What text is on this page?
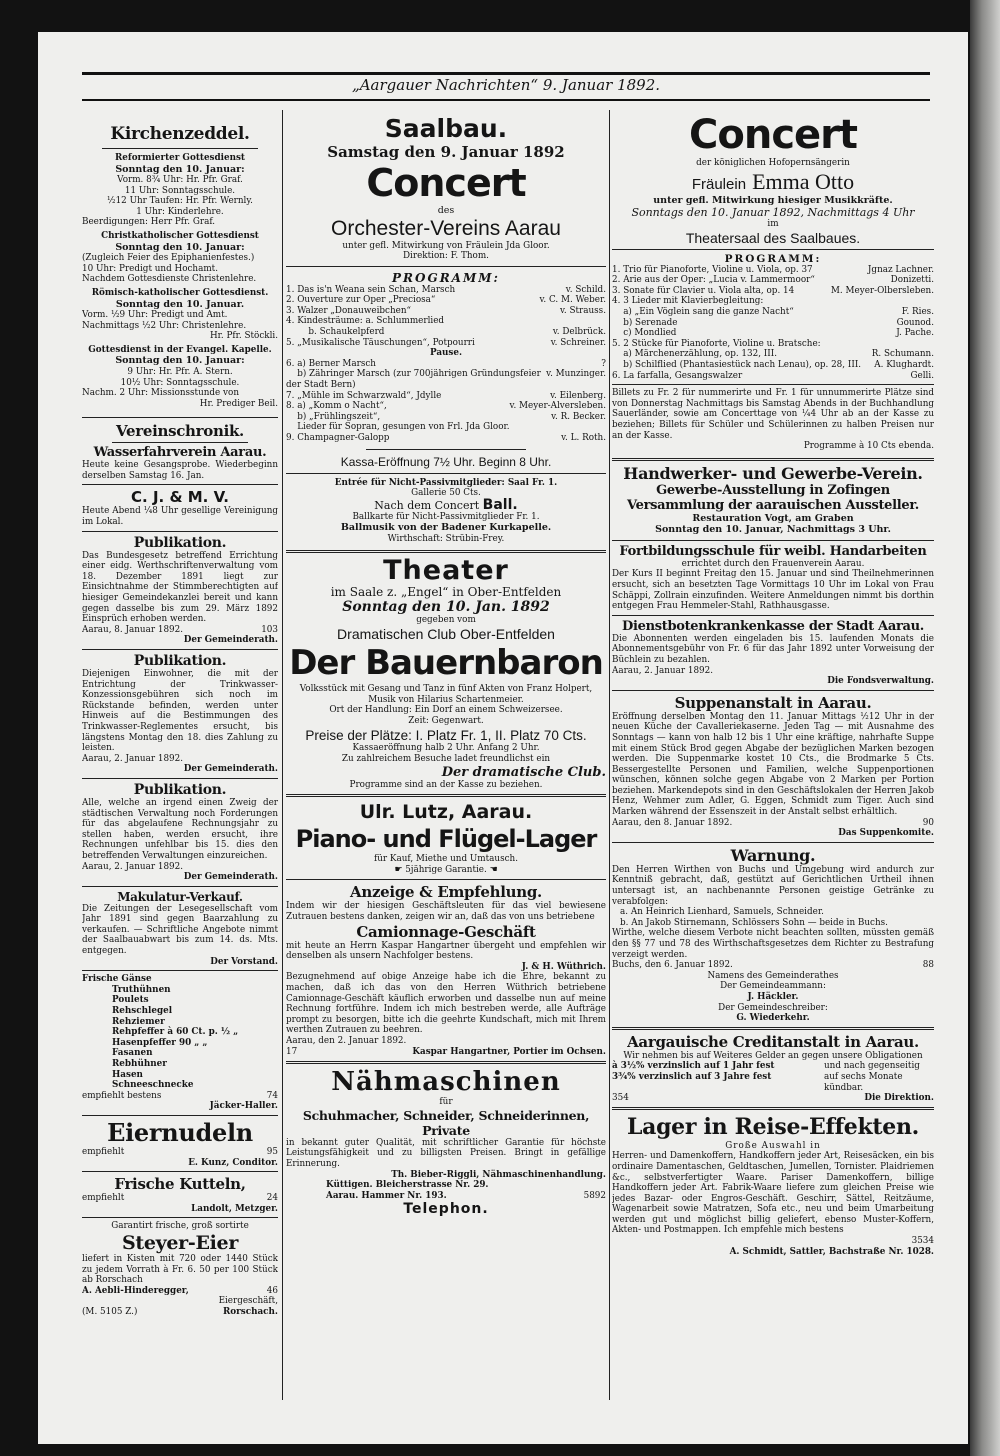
„Aargauer Nachrichten“ 9. Januar 1892.
Kirchenzeddel.
Reformierter Gottesdienst
Sonntag den 10. Januar:
Vorm. 8¾ Uhr: Hr. Pfr. Graf.
11 Uhr: Sonntagsschule.
½12 Uhr Taufen: Hr. Pfr. Wernly.
1 Uhr: Kinderlehre.
Beerdigungen: Herr Pfr. Graf.
Christkatholischer Gottesdienst
Sonntag den 10. Januar:
(Zugleich Feier des Epiphanienfestes.)
10 Uhr: Predigt und Hochamt.
Nachdem Gottesdienste Christenlehre.
Römisch-katholischer Gottesdienst.
Sonntag den 10. Januar.
Vorm. ½9 Uhr: Predigt und Amt.
Nachmittags ½2 Uhr: Christenlehre.
Hr. Pfr. Stöckli.
Gottesdienst in der Evangel. Kapelle.
Sonntag den 10. Januar:
9 Uhr: Hr. Pfr. A. Stern.
10½ Uhr: Sonntagsschule.
Nachm. 2 Uhr: Missionsstunde von
Hr. Prediger Beil.
Vereinschronik.
Wasserfahrverein Aarau.
Heute keine Gesangsprobe. Wiederbeginn derselben Samstag 16. Jan.
C. J. & M. V.
Heute Abend ¼8 Uhr gesellige Vereinigung im Lokal.
Publikation.
Das Bundesgesetz betreffend Errichtung einer eidg. Werthschriftenverwaltung vom 18. Dezember 1891 liegt zur Einsichtnahme der Stimmberechtigten auf hiesiger Gemeindekanzlei bereit und kann gegen dasselbe bis zum 29. März 1892 Einsprüch erhoben werden.
Aarau, 8. Januar 1892.	103
Der Gemeinderath.
Publikation.
Diejenigen Einwohner, die mit der Entrichtung der Trinkwasser-Konzessionsgebühren sich noch im Rückstande befinden, werden unter Hinweis auf die Bestimmungen des Trinkwasser-Reglementes ersucht, bis längstens Montag den 18. dies Zahlung zu leisten.
Aarau, 2. Januar 1892.
Der Gemeinderath.
Publikation.
Alle, welche an irgend einen Zweig der städtischen Verwaltung noch Forderungen für das abgelaufene Rechnungsjahr zu stellen haben, werden ersucht, ihre Rechnungen unfehlbar bis 15. dies den betreffenden Verwaltungen einzureichen.
Aarau, 2. Januar 1892.
Der Gemeinderath.
Makulatur-Verkauf.
Die Zeitungen der Lesegesellschaft vom Jahr 1891 sind gegen Baarzahlung zu verkaufen. — Schriftliche Angebote nimmt der Saalbauabwart bis zum 14. ds. Mts. entgegen.
Der Vorstand.
Frische Gänse
Truthühnen
Poulets
Rehschlegel
Rehziemer
Rehpfeffer à 60 Ct. p. ½ „
Hasenpfeffer 90 „ „
Fasanen
Rebhühner
Hasen
Schneeschnecke
empfiehlt bestens	74
Jäcker-Haller.
Eiernudeln
empfiehlt	95
E. Kunz, Conditor.
Frische Kutteln,
empfiehlt	24
Landolt, Metzger.
Garantirt frische, groß sortirte
Steyer-Eier
liefert in Kisten mit 720 oder 1440 Stück zu jedem Vorrath à Fr. 6. 50 per 100 Stück ab Rorschach
A. Aebli-Hinderegger,	46
Eiergeschäft,
(M. 5105 Z.)	Rorschach.
Saalbau.
Samstag den 9. Januar 1892
Concert
des
Orchester-Vereins Aarau
unter gefl. Mitwirkung von Fräulein Jda Gloor.
Direktion: F. Thom.
PROGRAMM:
1. Das is'n Weana sein Schan, Marsch	v. Schild.
2. Ouverture zur Oper „Preciosa“	v. C. M. Weber.
3. Walzer „Donauweibchen“	v. Strauss.
4. Kindesträume: a. Schlummerlied
b. Schaukelpferd	v. Delbrück.
5. „Musikalische Täuschungen“, Potpourri	v. Schreiner.
Pause.
6. a) Berner Marsch	?
b) Zähringer Marsch (zur 700jährigen Gründungsfeier der Stadt Bern)
v. Munzinger.
7. „Mühle im Schwarzwald“, Jdylle	v. Eilenberg.
8. a) „Komm o Nacht“,	v. Meyer-Alversleben.
b) „Frühlingszeit“,	v. R. Becker.
Lieder für Sopran, gesungen von Frl. Jda Gloor.
9. Champagner-Galopp	v. L. Roth.
Kassa-Eröffnung 7½ Uhr. Beginn 8 Uhr.
Entrée für Nicht-Passivmitglieder: Saal Fr. 1.
Gallerie 50 Cts.
Nach dem Concert Ball.
Ballkarte für Nicht-Passivmitglieder Fr. 1.
Ballmusik von der Badener Kurkapelle.
Wirthschaft: Strübin-Frey.
Theater
im Saale z. „Engel“ in Ober-Entfelden
Sonntag den 10. Jan. 1892
gegeben vom
Dramatischen Club Ober-Entfelden
Der Bauernbaron
Volksstück mit Gesang und Tanz in fünf Akten von Franz Holpert, Musik von Hilarius Schartenmeier.
Ort der Handlung: Ein Dorf an einem Schweizersee.
Zeit: Gegenwart.
Preise der Plätze: I. Platz Fr. 1, II. Platz 70 Cts.
Kassaeröffnung halb 2 Uhr. Anfang 2 Uhr.
Zu zahlreichem Besuche ladet freundlichst ein
Der dramatische Club.
Programme sind an der Kasse zu beziehen.
Ulr. Lutz, Aarau.
Piano- und Flügel-Lager
für Kauf, Miethe und Umtausch.
☛ 5jährige Garantie. ☚
Anzeige & Empfehlung.
Indem wir der hiesigen Geschäftsleuten für das viel bewiesene Zutrauen bestens danken, zeigen wir an, daß das von uns betriebene
Camionnage-Geschäft
mit heute an Herrn Kaspar Hangartner übergeht und empfehlen wir denselben als unsern Nachfolger bestens.
J. & H. Wüthrich.
Bezugnehmend auf obige Anzeige habe ich die Ehre, bekannt zu machen, daß ich das von den Herren Wüthrich betriebene Camionnage-Geschäft käuflich erworben und dasselbe nun auf meine Rechnung fortführe. Indem ich mich bestreben werde, alle Aufträge prompt zu besorgen, bitte ich die geehrte Kundschaft, mich mit Ihrem werthen Zutrauen zu beehren.
Aarau, den 2. Januar 1892.
17	Kaspar Hangartner, Portier im Ochsen.
Nähmaschinen
für
Schuhmacher, Schneider, Schneiderinnen, Private
in bekannt guter Qualität, mit schriftlicher Garantie für höchste Leistungsfähigkeit und zu billigsten Preisen. Bringt in gefällige Erinnerung.
Th. Bieber-Riggli, Nähmaschinenhandlung.
Küttigen. Bleicherstrasse Nr. 29.
Aarau. Hammer Nr. 193.	5892
Telephon.
Concert
der königlichen Hofopernsängerin
Fräulein Emma Otto
unter gefl. Mitwirkung hiesiger Musikkräfte.
Sonntags den 10. Januar 1892, Nachmittags 4 Uhr
im
Theatersaal des Saalbaues.
PROGRAMM:
1. Trio für Pianoforte, Violine u. Viola, op. 37	Jgnaz Lachner.
2. Arie aus der Oper: „Lucia v. Lammermoor“	Donizetti.
3. Sonate für Clavier u. Viola alta, op. 14	M. Meyer-Olbersleben.
4. 3 Lieder mit Klavierbegleitung:
a) „Ein Vöglein sang die ganze Nacht“	F. Ries.
b) Serenade	Gounod.
c) Mondlied	J. Pache.
5. 2 Stücke für Pianoforte, Violine u. Bratsche:
a) Märchenerzählung, op. 132, III.	R. Schumann.
b) Schilflied (Phantasiestück nach Lenau), op. 28, III.	A. Klughardt.
6. La farfalla, Gesangswalzer	Gelli.
Billets zu Fr. 2 für nummerirte und Fr. 1 für unnummerirte Plätze sind von Donnerstag Nachmittags bis Samstag Abends in der Buchhandlung Sauerländer, sowie am Concerttage von ¼4 Uhr ab an der Kasse zu beziehen; Billets für Schüler und Schülerinnen zu halben Preisen nur an der Kasse.
Programme à 10 Cts ebenda.
Handwerker- und Gewerbe-Verein.
Gewerbe-Ausstellung in Zofingen
Versammlung der aarauischen Aussteller.
Restauration Vogt, am Graben
Sonntag den 10. Januar, Nachmittags 3 Uhr.
Fortbildungsschule für weibl. Handarbeiten
errichtet durch den Frauenverein Aarau.
Der Kurs II beginnt Freitag den 15. Januar und sind Theilnehmerinnen ersucht, sich an besetzten Tage Vormittags 10 Uhr im Lokal von Frau Schäppi, Zollrain einzufinden. Weitere Anmeldungen nimmt bis dorthin entgegen Frau Hemmeler-Stahl, Rathhausgasse.
Dienstbotenkrankenkasse der Stadt Aarau.
Die Abonnenten werden eingeladen bis 15. laufenden Monats die Abonnementsgebühr von Fr. 6 für das Jahr 1892 unter Vorweisung der Büchlein zu bezahlen.
Aarau, 2. Januar 1892.
Die Fondsverwaltung.
Suppenanstalt in Aarau.
Eröffnung derselben Montag den 11. Januar Mittags ½12 Uhr in der neuen Küche der Cavalleriekaserne. Jeden Tag — mit Ausnahme des Sonntags — kann von halb 12 bis 1 Uhr eine kräftige, nahrhafte Suppe mit einem Stück Brod gegen Abgabe der bezüglichen Marken bezogen werden. Die Suppenmarke kostet 10 Cts., die Brodmarke 5 Cts. Bessergestellte Personen und Familien, welche Suppenportionen wünschen, können solche gegen Abgabe von 2 Marken per Portion beziehen. Markendepots sind in den Geschäftslokalen der Herren Jakob Henz, Wehmer zum Adler, G. Eggen, Schmidt zum Tiger. Auch sind Marken während der Essenszeit in der Anstalt selbst erhältlich.
Aarau, den 8. Januar 1892.	90
Das Suppenkomite.
Warnung.
Den Herren Wirthen von Buchs und Umgebung wird andurch zur Kenntniß gebracht, daß, gestützt auf Gerichtlichen Urtheil ihnen untersagt ist, an nachbenannte Personen geistige Getränke zu verabfolgen:
a. An Heinrich Lienhard, Samuels, Schneider.
b. An Jakob Stirnemann, Schlössers Sohn — beide in Buchs.
Wirthe, welche diesem Verbote nicht beachten sollten, müssten gemäß den §§ 77 und 78 des Wirthschaftsgesetzes dem Richter zu Bestrafung verzeigt werden.
Buchs, den 6. Januar 1892.	88
Namens des Gemeinderathes
Der Gemeindeammann:
J. Häckler.
Der Gemeindeschreiber:
G. Wiederkehr.
Aargauische Creditanstalt in Aarau.
Wir nehmen bis auf Weiteres Gelder an gegen unsere Obligationen
à 3½% verzinslich auf 1 Jahr fest
3¾% verzinslich auf 3 Jahre fest
und nach gegenseitig auf sechs Monate kündbar.
354	Die Direktion.
Lager in Reise-Effekten.
Große Auswahl in
Herren- und Damenkoffern, Handkoffern jeder Art, Reisesäcken, ein bis ordinaire Damentaschen, Geldtaschen, Jumellen, Tornister. Plaidriemen &c., selbstverfertigter Waare. Pariser Damenkoffern, billige Handkoffern jeder Art. Fabrik-Waare liefere zum gleichen Preise wie jedes Bazar- oder Engros-Geschäft. Geschirr, Sättel, Reitzäume, Wagenarbeit sowie Matratzen, Sofa etc., neu und beim Umarbeitung werden gut und möglichst billig geliefert, ebenso Muster-Koffern, Akten- und Postmappen. Ich empfehle mich bestens
3534
A. Schmidt, Sattler, Bachstraße Nr. 1028.
